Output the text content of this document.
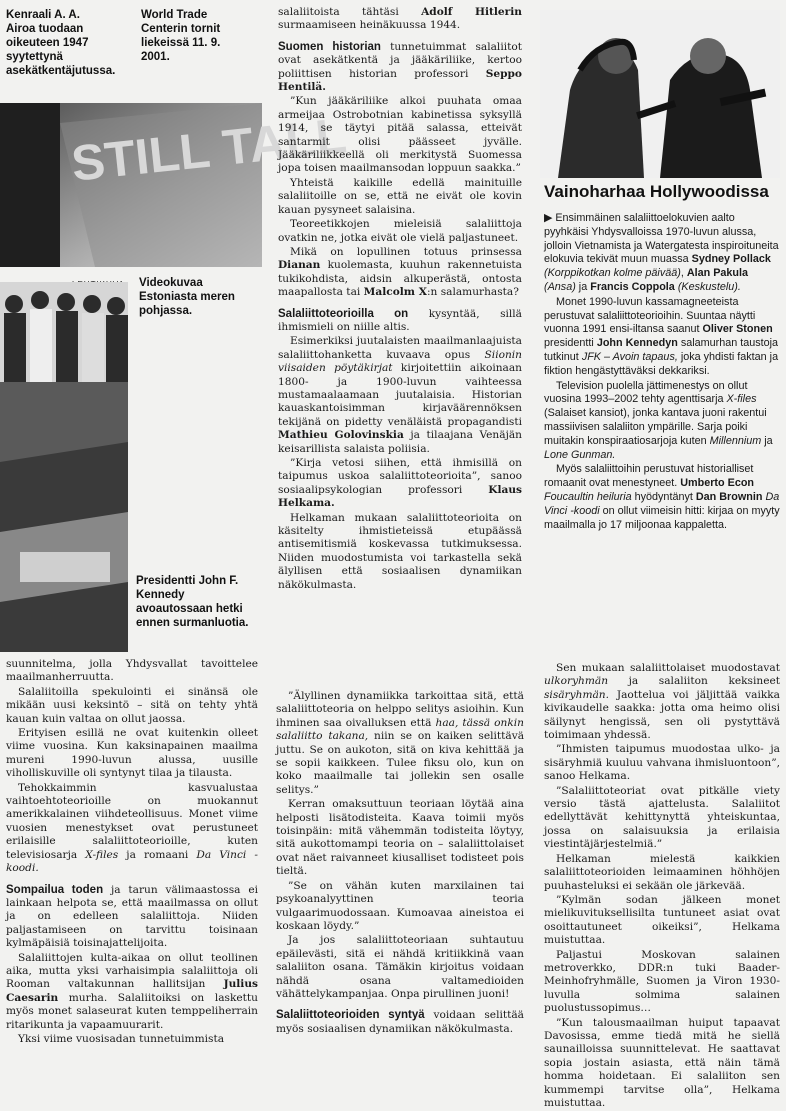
Kenraali A. A. Airoa tuodaan oikeuteen 1947 syytettynä asekätkentäjutussa.
World Trade Centerin tornit liekeissä 11. 9. 2001.
STILL TALL
Videokuvaa Estoniasta meren pohjassa.
Presidentti John F. Kennedy avoautossaan hetki ennen surmanluotia.

salaliitoista tähtäsi Adolf Hitlerin surmaamiseen heinäkuussa 1944.

Suomen historian tunnetuimmat salaliitot ovat asekätkentä ja jääkäriliike, kertoo poliittisen historian professori Seppo Hentilä.

”Kun jääkäriliike alkoi puuhata omaa armeijaa Ostrobotnian kabinetissa syksyllä 1914, se täytyi pitää salassa, etteivät santarmit olisi päässeet jyvälle. Jääkäriliikkeellä oli merkitystä Suomessa jopa toisen maailmansodan loppuun saakka.”

Yhteistä kaikille edellä mainituille salaliitoille on se, että ne eivät ole kovin kauan pysyneet salaisina.

Teoreetikkojen mieleisiä salaliittoja ovatkin ne, jotka eivät ole vielä paljastuneet.

Mikä on lopullinen totuus prinsessa Dianan kuolemasta, kuuhun rakennetuista tukikohdista, aidsin alkuperästä, ontosta maapallosta tai Malcolm X:n salamurhasta?

Salaliittoteorioilla on kysyntää, sillä ihmismieli on niille altis.

Esimerkiksi juutalaisten maailmanlaajuista salaliittohanketta kuvaava opus Siionin viisaiden pöytäkirjat kirjoitettiin aikoinaan 1800- ja 1900-luvun vaihteessa mustamaalaamaan juutalaisia. Historian kauaskantoisimman kirjaväärennöksen tekijänä on pidetty venäläistä propagandisti Mathieu Golovinskia ja tilaajana Venäjän keisarillista salaista poliisia.

”Kirja vetosi siihen, että ihmisillä on taipumus uskoa salaliittoteorioita”, sanoo sosiaalipsykologian professori Klaus Helkama.

Helkaman mukaan salaliittoteorioita on käsitelty ihmistieteissä etupäässä antisemitismiä koskevassa tutkimuksessa. Niiden muodostumista voi tarkastella sekä älyllisen että sosiaalisen dynamiikan näkökulmasta.

Vainoharhaa Hollywoodissa

▶ Ensimmäinen salaliittoelokuvien aalto pyyhkäisi Yhdysvalloissa 1970-luvun alussa, jolloin Vietnamista ja Watergatesta inspiroituneita elokuvia tekivät muun muassa Sydney Pollack (Korppikotkan kolme päivää), Alan Pakula (Ansa) ja Francis Coppola (Keskustelu).

Monet 1990-luvun kassamagneeteista perustuvat salaliittoteorioihin. Suuntaa näytti vuonna 1991 ensi-iltansa saanut Oliver Stonen presidentti John Kennedyn salamurhan taustoja tutkinut JFK – Avoin tapaus, joka yhdisti faktan ja fiktion hengästyttäväksi dekkariksi.

Television puolella jättimenestys on ollut vuosina 1993–2002 tehty agenttisarja X-files (Salaiset kansiot), jonka kantava juoni rakentui massiivisen salaliiton ympärille. Sarja poiki muitakin konspiraatiosarjoja kuten Millennium ja Lone Gunman.

Myös salaliittoihin perustuvat historialliset romaanit ovat menestyneet. Umberto Econ Foucaultin heiluria hyödyntänyt Dan Brownin Da Vinci -koodi on ollut viimeisin hitti: kirjaa on myyty maailmalla jo 17 miljoonaa kappaletta.

suunnitelma, jolla Yhdysvallat tavoittelee maailmanherruutta.

Salaliitoilla spekulointi ei sinänsä ole mikään uusi keksintö – sitä on tehty yhtä kauan kuin valtaa on ollut jaossa.

Erityisen esillä ne ovat kuitenkin olleet viime vuosina. Kun kaksinapainen maailma mureni 1990-luvun alussa, uusille viholliskuville oli syntynyt tilaa ja tilausta.

Tehokkaimmin kasvualustaa vaihtoehtoteorioille on muokannut amerikkalainen viihdeteollisuus. Monet viime vuosien menestykset ovat perustuneet erilaisille salaliittoteorioille, kuten televisiosarja X-files ja romaani Da Vinci -koodi.

Sompailua toden ja tarun välimaastossa ei lainkaan helpota se, että maailmassa on ollut ja on edelleen salaliittoja. Niiden paljastamiseen on tarvittu toisinaan kylmäpäisiä toisinajattelijoita.

Salaliittojen kulta-aikaa on ollut teollinen aika, mutta yksi varhaisimpia salaliittoja oli Rooman valtakunnan hallitsijan Julius Caesarin murha. Salaliitoiksi on laskettu myös monet salaseurat kuten temppeliherrain ritarikunta ja vapaamuurarit.

Yksi viime vuosisadan tunnetuimmista

”Älyllinen dynamiikka tarkoittaa sitä, että salaliittoteoria on helppo selitys asioihin. Kun ihminen saa oivalluksen että haa, tässä onkin salaliitto takana, niin se on kaiken selittävä juttu. Se on aukoton, sitä on kiva kehittää ja se sopii kaikkeen. Tulee fiksu olo, kun on koko maailmalle tai jollekin sen osalle selitys.”

Kerran omaksuttuun teoriaan löytää aina helposti lisätodisteita. Kaava toimii myös toisinpäin: mitä vähemmän todisteita löytyy, sitä aukottomampi teoria on – salaliittolaiset ovat näet raivanneet kiusalliset todisteet pois tieltä.

”Se on vähän kuten marxilainen tai psykoanalyyttinen teoria vulgaarimuodossaan. Kumoavaa aineistoa ei koskaan löydy.”

Ja jos salaliittoteoriaan suhtautuu epäilevästi, sitä ei nähdä kritiikkinä vaan salaliiton osana. Tämäkin kirjoitus voidaan nähdä osana valtamedioiden vähättelykampanjaa. Onpa pirullinen juoni!

Salaliittoteorioiden syntyä voidaan selittää myös sosiaalisen dynamiikan näkökulmasta.

Sen mukaan salaliittolaiset muodostavat ulkoryhmän ja salaliiton keksineet sisäryhmän. Jaottelua voi jäljittää vaikka kivikaudelle saakka: jotta oma heimo olisi säilynyt hengissä, sen oli pystyttävä toimimaan yhdessä.

”Ihmisten taipumus muodostaa ulko- ja sisäryhmiä kuuluu vahvana ihmisluontoon”, sanoo Helkama.

”Salaliittoteoriat ovat pitkälle viety versio tästä ajattelusta. Salaliitot edellyttävät kehittynyttä yhteiskuntaa, jossa on salaisuuksia ja erilaisia viestintäjärjestelmiä.”

Helkaman mielestä kaikkien salaliittoteorioiden leimaaminen höhhöjen puuhasteluksi ei sekään ole järkevää.

”Kylmän sodan jälkeen monet mielikuvituksellisilta tuntuneet asiat ovat osoittautuneet oikeiksi”, Helkama muistuttaa.

Paljastui Moskovan salainen metroverkko, DDR:n tuki Baader-Meinhofryhmälle, Suomen ja Viron 1930-luvulla solmima salainen puolustussopimus…

”Kun talousmaailman huiput tapaavat Davosissa, emme tiedä mitä he siellä saunailloissa suunnittelevat. He saattavat sopia jostain asiasta, että näin tämä homma hoidetaan. Ei salaliiton sen kummempi tarvitse olla”, Helkama muistuttaa.
